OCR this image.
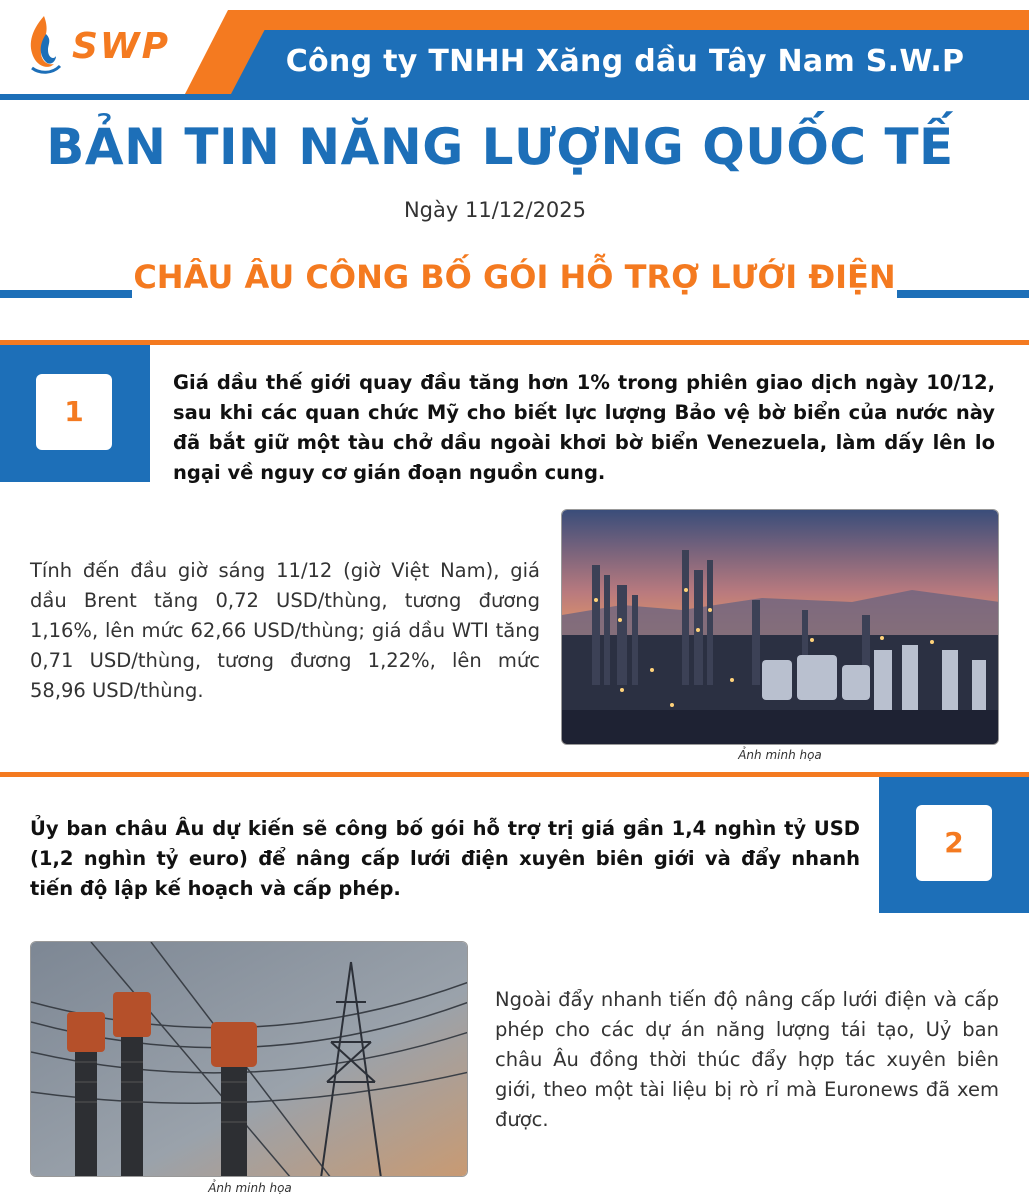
SWP	Công ty TNHH Xăng dầu Tây Nam S.W.P
BẢN TIN NĂNG LƯỢNG QUỐC TẾ
Ngày 11/12/2025
CHÂU ÂU CÔNG BỐ GÓI HỖ TRỢ LƯỚI ĐIỆN
1
Giá dầu thế giới quay đầu tăng hơn 1% trong phiên giao dịch ngày 10/12, sau khi các quan chức Mỹ cho biết lực lượng Bảo vệ bờ biển của nước này đã bắt giữ một tàu chở dầu ngoài khơi bờ biển Venezuela, làm dấy lên lo ngại về nguy cơ gián đoạn nguồn cung.
Tính đến đầu giờ sáng 11/12 (giờ Việt Nam), giá dầu Brent tăng 0,72 USD/thùng, tương đương 1,16%, lên mức 62,66 USD/thùng; giá dầu WTI tăng 0,71 USD/thùng, tương đương 1,22%, lên mức 58,96 USD/thùng.
Ảnh minh họa
2
Ủy ban châu Âu dự kiến sẽ công bố gói hỗ trợ trị giá gần 1,4 nghìn tỷ USD (1,2 nghìn tỷ euro) để nâng cấp lưới điện xuyên biên giới và đẩy nhanh tiến độ lập kế hoạch và cấp phép.
Ảnh minh họa
Ngoài đẩy nhanh tiến độ nâng cấp lưới điện và cấp phép cho các dự án năng lượng tái tạo, Uỷ ban châu Âu đồng thời thúc đẩy hợp tác xuyên biên giới, theo một tài liệu bị rò rỉ mà Euronews đã xem được.
